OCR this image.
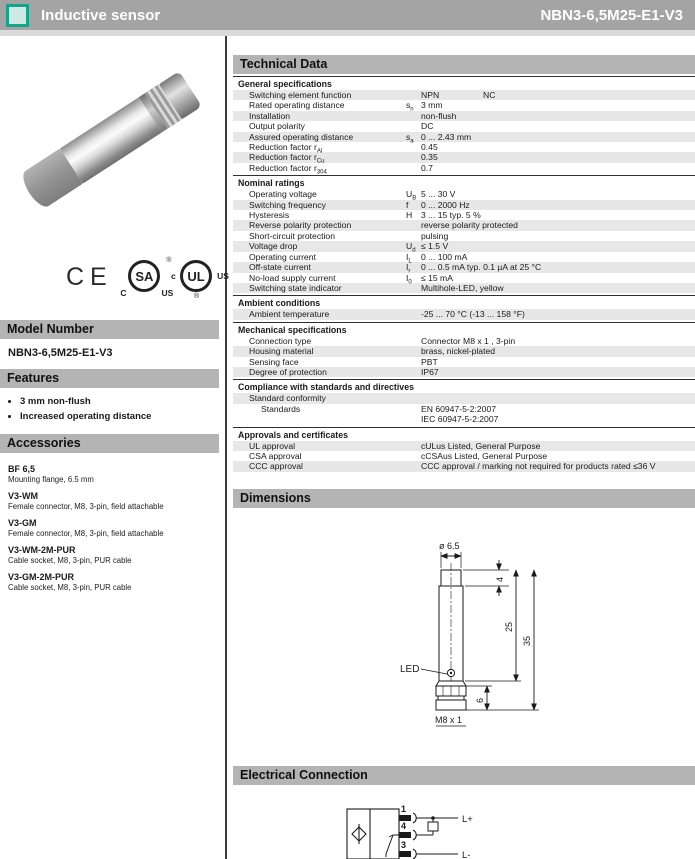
Inductive sensor	NBN3-6,5M25-E1-V3
CE	SA
C	US
®
UL
c	US
®
Model Number
NBN3-6,5M25-E1-V3
Features
• 3 mm non-flush
• Increased operating distance
Accessories
BF 6,5
Mounting flange, 6.5 mm
V3-WM
Female connector, M8, 3-pin, field attachable
V3-GM
Female connector, M8, 3-pin, field attachable
V3-WM-2M-PUR
Cable socket, M8, 3-pin, PUR cable
V3-GM-2M-PUR
Cable socket, M8, 3-pin, PUR cable
Technical Data
General specifications
Switching element function	NPN	NC
Rated operating distance	$s_n$ 3 mm
Installation	non-flush
Output polarity	DC
Assured operating distance	$s_a$ 0 ... 2.43 mm
Reduction factor $r_{Al}$	0.45
Reduction factor $r_{Cu}$	0.35
Reduction factor $r_{304}$	0.7
Nominal ratings
Operating voltage	$U_B$ 5 ... 30 V
Switching frequency	f	0 ... 2000 Hz
Hysteresis	H	3 ... 15 typ. 5 %
Reverse polarity protection	reverse polarity protected
Short-circuit protection	pulsing
Voltage drop	$U_d \le 1.5$ V
Operating current	$I_L$	0 ... 100 mA
Off-state current	$I_r$	0 ... 0.5 mA typ. 0.1 µA at 25 °C
No-load supply current	$I_0$	≤ 15 mA
Switching state indicator	Multihole-LED, yellow
Ambient conditions
Ambient temperature	-25 ... 70 °C (-13 ... 158 °F)
Mechanical specifications
Connection type	Connector M8 x 1 , 3-pin
Housing material	brass, nickel-plated
Sensing face	PBT
Degree of protection	IP67
Compliance with standards and directives
Standard conformity
Standards	EN 60947-5-2:2007
IEC 60947-5-2:2007
Approvals and certificates
UL approval	cULus Listed, General Purpose
CSA approval	cCSAus Listed, General Purpose
CCC approval	CCC approval / marking not required for products rated ≤36 V
Dimensions
ø 6.5
LED
M8 x 1
4
25
35
6
Electrical Connection
1
L+
4
3
L-
